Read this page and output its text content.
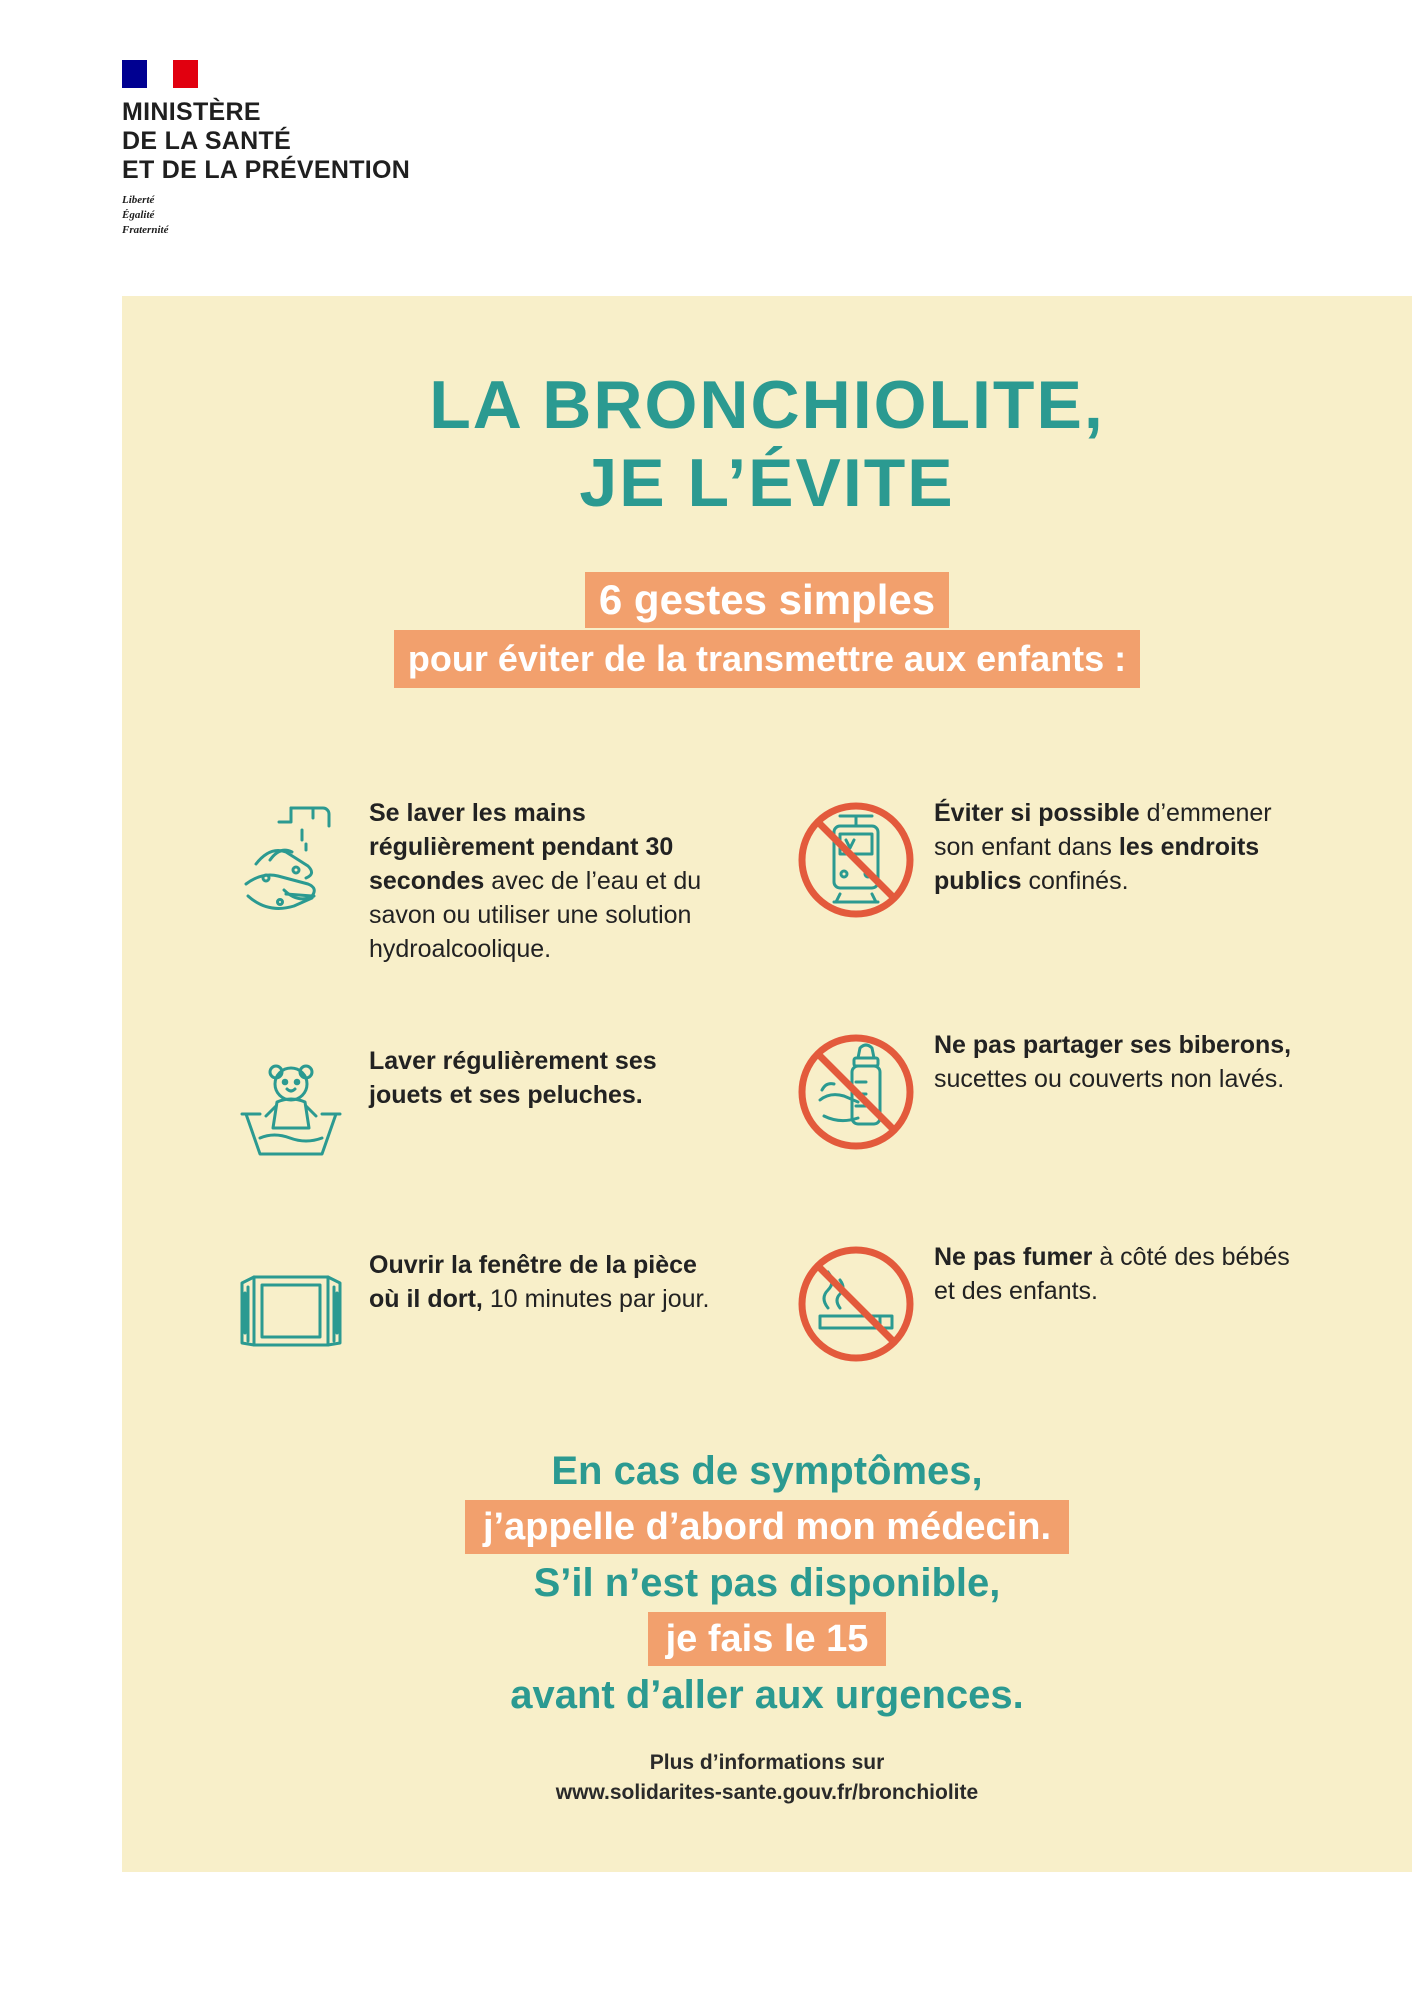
MINISTÈRE
DE LA SANTÉ
ET DE LA PRÉVENTION
Liberté
Égalité
Fraternité
LA BRONCHIOLITE,
JE L’ÉVITE
6 gestes simples
pour éviter de la transmettre aux enfants :
Se laver les mains régulièrement pendant 30 secondes avec de l’eau et du savon ou utiliser une solution hydroalcoolique.
Éviter si possible d’emmener son enfant dans les endroits publics confinés.
Laver régulièrement ses jouets et ses peluches.
Ne pas partager ses biberons, sucettes ou couverts non lavés.
Ouvrir la fenêtre de la pièce où il dort, 10 minutes par jour.
Ne pas fumer à côté des bébés et des enfants.
En cas de symptômes,
j’appelle d’abord mon médecin.
S’il n’est pas disponible,
je fais le 15
avant d’aller aux urgences.
Plus d’informations sur
www.solidarites-sante.gouv.fr/bronchiolite
